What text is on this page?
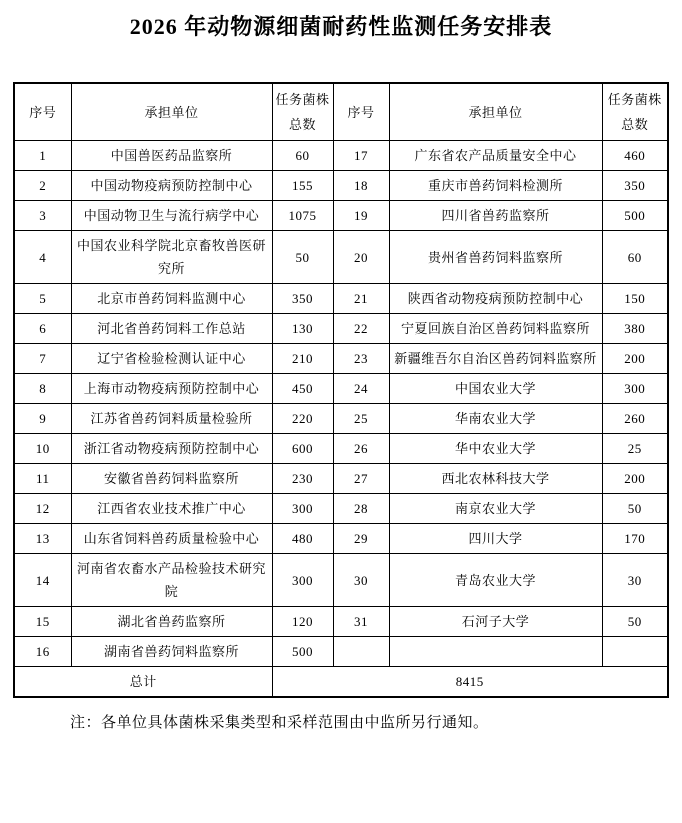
2026 年动物源细菌耐药性监测任务安排表
序号	承担单位	任务菌株总数	序号	承担单位	任务菌株总数
1	中国兽医药品监察所	60	17	广东省农产品质量安全中心	460
2	中国动物疫病预防控制中心	155	18	重庆市兽药饲料检测所	350
3	中国动物卫生与流行病学中心	1075	19	四川省兽药监察所	500
4	中国农业科学院北京畜牧兽医研究所	50	20	贵州省兽药饲料监察所	60
5	北京市兽药饲料监测中心	350	21	陕西省动物疫病预防控制中心	150
6	河北省兽药饲料工作总站	130	22	宁夏回族自治区兽药饲料监察所	380
7	辽宁省检验检测认证中心	210	23	新疆维吾尔自治区兽药饲料监察所	200
8	上海市动物疫病预防控制中心	450	24	中国农业大学	300
9	江苏省兽药饲料质量检验所	220	25	华南农业大学	260
10	浙江省动物疫病预防控制中心	600	26	华中农业大学	25
11	安徽省兽药饲料监察所	230	27	西北农林科技大学	200
12	江西省农业技术推广中心	300	28	南京农业大学	50
13	山东省饲料兽药质量检验中心	480	29	四川大学	170
14	河南省农畜水产品检验技术研究院	300	30	青岛农业大学	30
15	湖北省兽药监察所	120	31	石河子大学	50
16	湖南省兽药饲料监察所	500			
总计		8415			
注：各单位具体菌株采集类型和采样范围由中监所另行通知。
